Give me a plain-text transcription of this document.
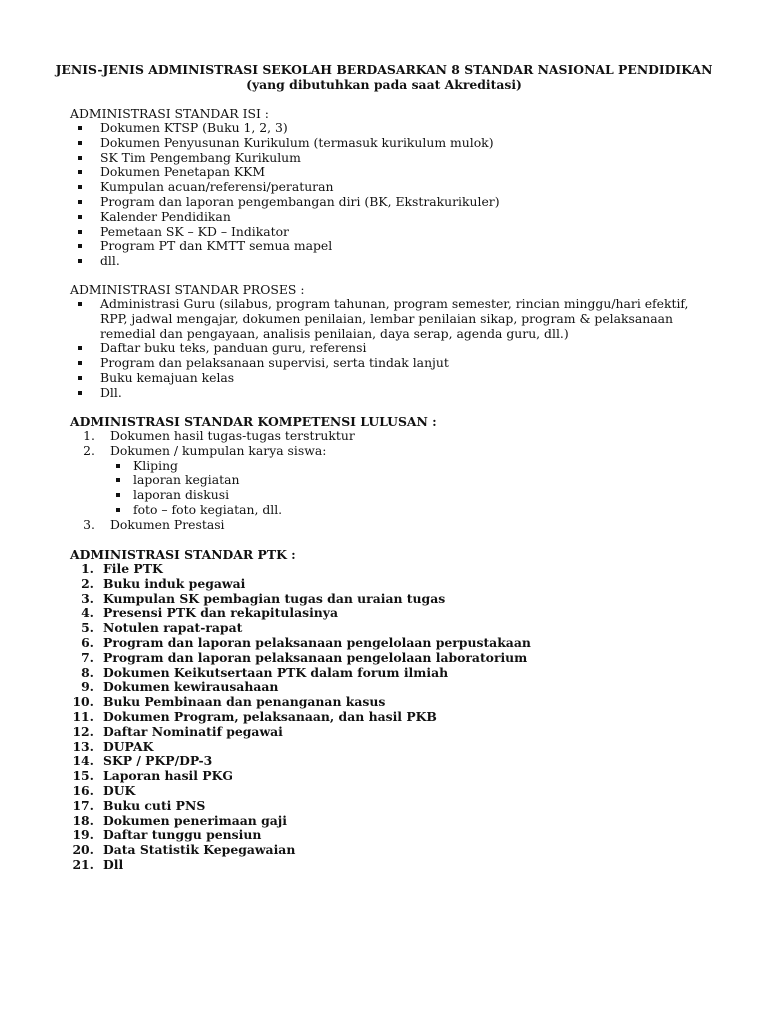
JENIS-JENIS ADMINISTRASI SEKOLAH BERDASARKAN 8 STANDAR NASIONAL PENDIDIKAN
(yang dibutuhkan pada saat Akreditasi)
ADMINISTRASI STANDAR ISI :
Dokumen KTSP (Buku 1, 2, 3)
Dokumen Penyusunan Kurikulum (termasuk kurikulum mulok)
SK Tim Pengembang Kurikulum
Dokumen Penetapan KKM
Kumpulan acuan/referensi/peraturan
Program dan laporan pengembangan diri (BK, Ekstrakurikuler)
Kalender Pendidikan
Pemetaan SK – KD – Indikator
Program PT dan KMTT semua mapel
dll.
ADMINISTRASI STANDAR PROSES :
Administrasi Guru (silabus, program tahunan, program semester, rincian minggu/hari efektif,
RPP, jadwal mengajar, dokumen penilaian, lembar penilaian sikap, program & pelaksanaan
remedial dan pengayaan, analisis penilaian, daya serap, agenda guru, dll.)
Daftar buku teks, panduan guru, referensi
Program dan pelaksanaan supervisi, serta tindak lanjut
Buku kemajuan kelas
Dll.
ADMINISTRASI STANDAR KOMPETENSI LULUSAN :
1. Dokumen hasil tugas-tugas terstruktur
2. Dokumen / kumpulan karya siswa:
Kliping
laporan kegiatan
laporan diskusi
foto – foto kegiatan, dll.
3. Dokumen Prestasi
ADMINISTRASI STANDAR PTK :
1. File PTK
2. Buku induk pegawai
3. Kumpulan SK pembagian tugas dan uraian tugas
4. Presensi PTK dan rekapitulasinya
5. Notulen rapat-rapat
6. Program dan laporan pelaksanaan pengelolaan perpustakaan
7. Program dan laporan pelaksanaan pengelolaan laboratorium
8. Dokumen Keikutsertaan PTK dalam forum ilmiah
9. Dokumen kewirausahaan
10. Buku Pembinaan dan penanganan kasus
11. Dokumen Program, pelaksanaan, dan hasil PKB
12. Daftar Nominatif pegawai
13. DUPAK
14. SKP / PKP/DP-3
15. Laporan hasil PKG
16. DUK
17. Buku cuti PNS
18. Dokumen penerimaan gaji
19. Daftar tunggu pensiun
20. Data Statistik Kepegawaian
21. Dll
